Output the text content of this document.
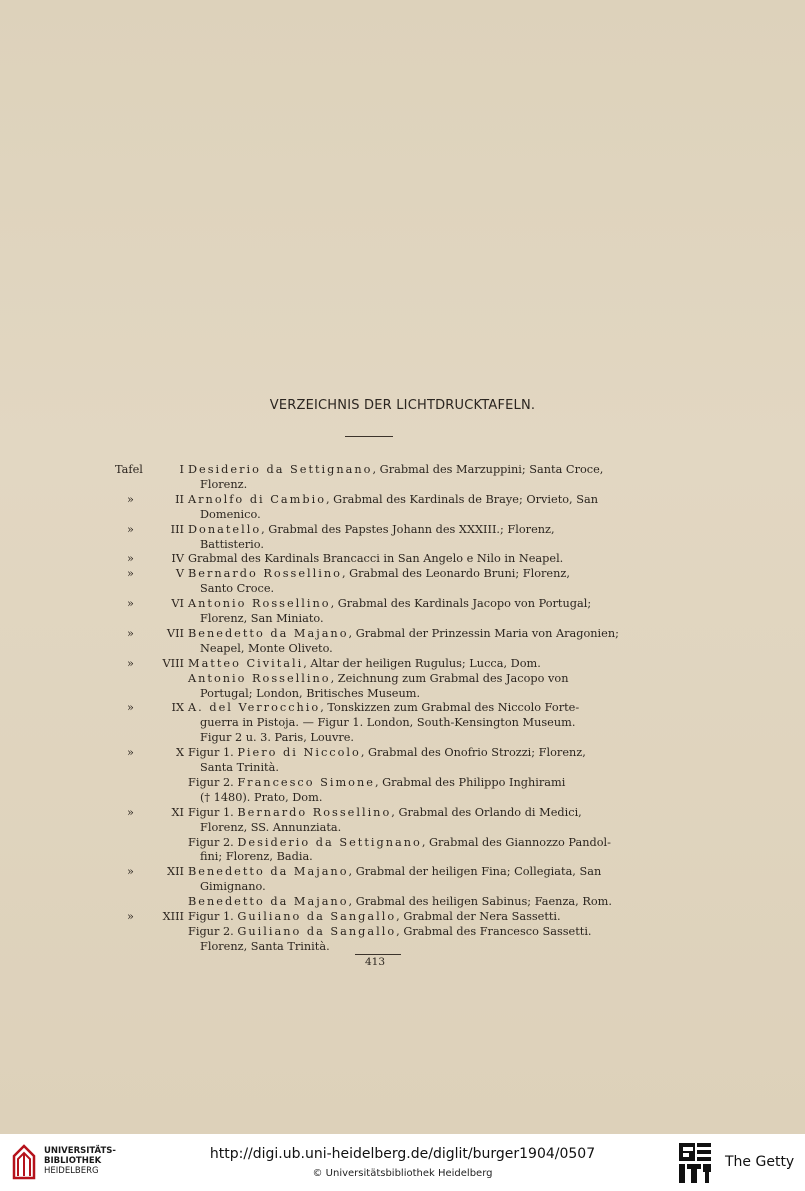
VERZEICHNIS DER LICHTDRUCKTAFELN.
Tafel	I Desiderio da Settignano, Grabmal des Marzuppini; Santa Croce,
Florenz.
»	II Arnolfo di Cambio, Grabmal des Kardinals de Braye; Orvieto, San
Domenico.
»	III Donatello, Grabmal des Papstes Johann des XXXIII.; Florenz,
Battisterio.
»	IV Grabmal des Kardinals Brancacci in San Angelo e Nilo in Neapel.
»	V Bernardo Rossellino, Grabmal des Leonardo Bruni; Florenz,
Santo Croce.
»	VI Antonio Rossellino, Grabmal des Kardinals Jacopo von Portugal;
Florenz, San Miniato.
»	VII Benedetto da Majano, Grabmal der Prinzessin Maria von Aragonien;
Neapel, Monte Oliveto.
»	VIII Matteo Civitali, Altar der heiligen Rugulus; Lucca, Dom.
Antonio Rossellino, Zeichnung zum Grabmal des Jacopo von
Portugal; London, Britisches Museum.
»	IX A. del Verrocchio, Tonskizzen zum Grabmal des Niccolo Forte-
guerra in Pistoja. — Figur 1. London, South-Kensington Museum.
Figur 2 u. 3. Paris, Louvre.
»	X Figur 1. Piero di Niccolo, Grabmal des Onofrio Strozzi; Florenz,
Santa Trinità.
Figur 2. Francesco Simone, Grabmal des Philippo Inghirami
(† 1480). Prato, Dom.
»	XI Figur 1. Bernardo Rossellino, Grabmal des Orlando di Medici,
Florenz, SS. Annunziata.
Figur 2. Desiderio da Settignano, Grabmal des Giannozzo Pandol-
fini; Florenz, Badia.
»	XII Benedetto da Majano, Grabmal der heiligen Fina; Collegiata, San
Gimignano.
Benedetto da Majano, Grabmal des heiligen Sabinus; Faenza, Rom.
»	XIII Figur 1. Guiliano da Sangallo, Grabmal der Nera Sassetti.
Figur 2. Guiliano da Sangallo, Grabmal des Francesco Sassetti.
Florenz, Santa Trinità.
413
UNIVERSITÄTS-
BIBLIOTHEK
HEIDELBERG
http://digi.ub.uni-heidelberg.de/diglit/burger1904/0507
© Universitätsbibliothek Heidelberg
The Getty
